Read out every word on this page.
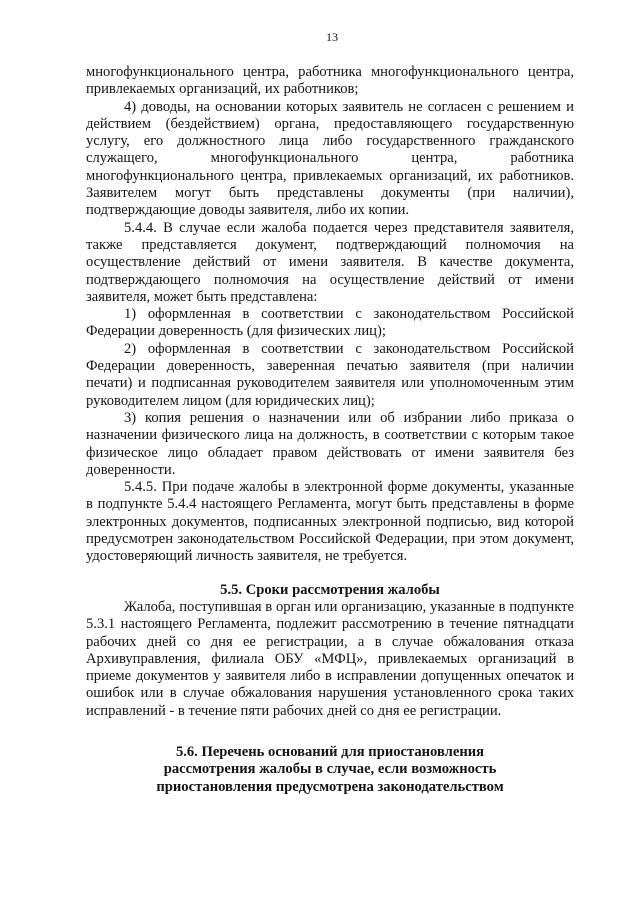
13

многофункционального центра, работника многофункционального центра, привлекаемых организаций, их работников;

4) доводы, на основании которых заявитель не согласен с решением и действием (бездействием) органа, предоставляющего государственную услугу, его должностного лица либо государственного гражданского служащего, многофункционального центра, работника многофункционального центра, привлекаемых организаций, их работников. Заявителем могут быть представлены документы (при наличии), подтверждающие доводы заявителя, либо их копии.

5.4.4. В случае если жалоба подается через представителя заявителя, также представляется документ, подтверждающий полномочия на осуществление действий от имени заявителя. В качестве документа, подтверждающего полномочия на осуществление действий от имени заявителя, может быть представлена:

1) оформленная в соответствии с законодательством Российской Федерации доверенность (для физических лиц);

2) оформленная в соответствии с законодательством Российской Федерации доверенность, заверенная печатью заявителя (при наличии печати) и подписанная руководителем заявителя или уполномоченным этим руководителем лицом (для юридических лиц);

3) копия решения о назначении или об избрании либо приказа о назначении физического лица на должность, в соответствии с которым такое физическое лицо обладает правом действовать от имени заявителя без доверенности.

5.4.5. При подаче жалобы в электронной форме документы, указанные в подпункте 5.4.4 настоящего Регламента, могут быть представлены в форме электронных документов, подписанных электронной подписью, вид которой предусмотрен законодательством Российской Федерации, при этом документ, удостоверяющий личность заявителя, не требуется.

5.5. Сроки рассмотрения жалобы

Жалоба, поступившая в орган или организацию, указанные в подпункте 5.3.1 настоящего Регламента, подлежит рассмотрению в течение пятнадцати рабочих дней со дня ее регистрации, а в случае обжалования отказа Архивуправления, филиала ОБУ «МФЦ», привлекаемых организаций в приеме документов у заявителя либо в исправлении допущенных опечаток и ошибок или в случае обжалования нарушения установленного срока таких исправлений - в течение пяти рабочих дней со дня ее регистрации.

5.6. Перечень оснований для приостановления

рассмотрения жалобы в случае, если возможность

приостановления предусмотрена законодательством
